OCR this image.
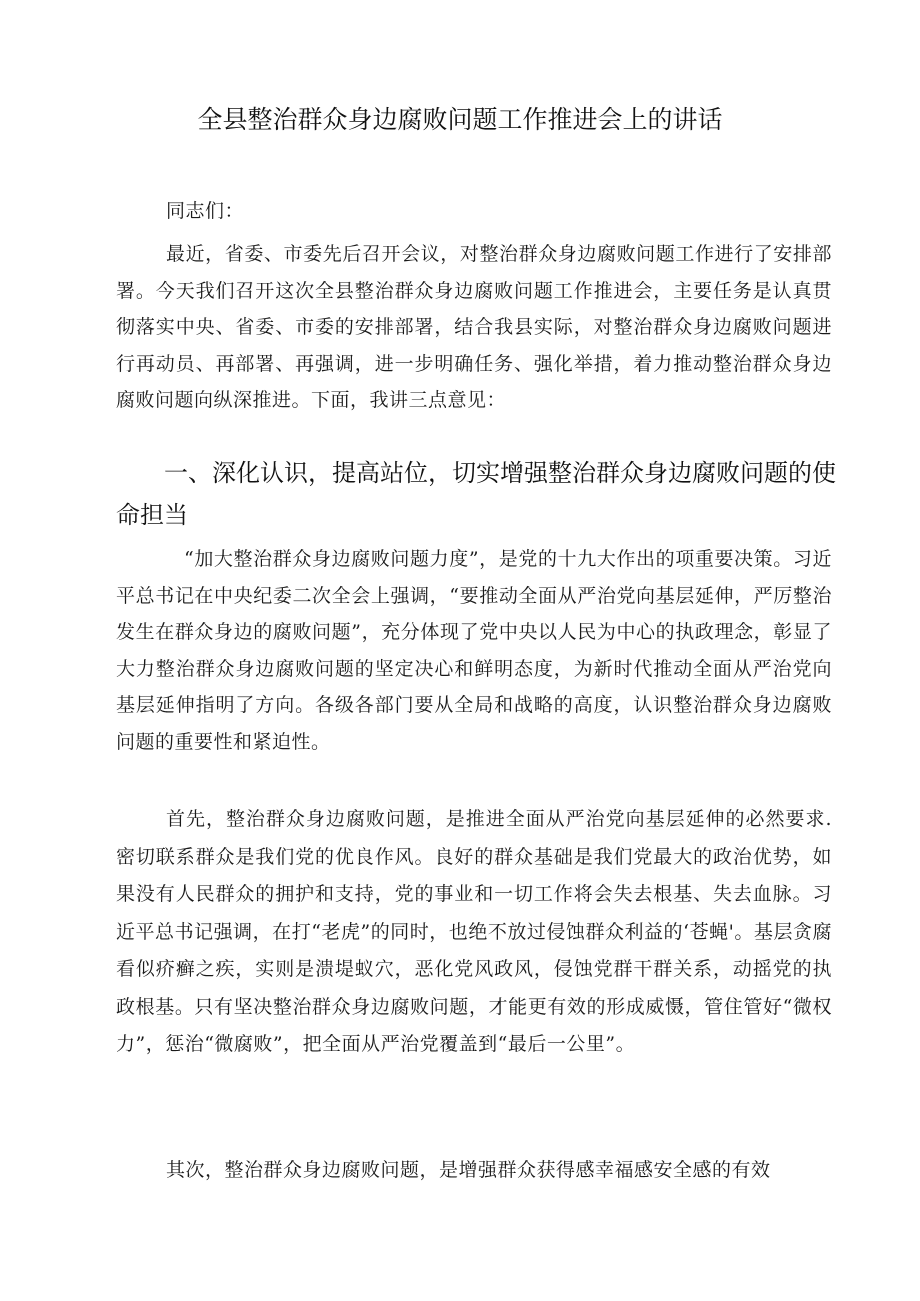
全县整治群众身边腐败问题工作推进会上的讲话

同志们：

最近，省委、市委先后召开会议，对整治群众身边腐败问题工作进行了安排部署。今天我们召开这次全县整治群众身边腐败问题工作推进会，主要任务是认真贯彻落实中央、省委、市委的安排部署，结合我县实际，对整治群众身边腐败问题进行再动员、再部署、再强调，进一步明确任务、强化举措，着力推动整治群众身边腐败问题向纵深推进。下面，我讲三点意见：

一、深化认识，提高站位，切实增强整治群众身边腐败问题的使命担当

“加大整治群众身边腐败问题力度”，是党的十九大作出的项重要决策。习近平总书记在中央纪委二次全会上强调，“要推动全面从严治党向基层延伸，严厉整治发生在群众身边的腐败问题”，充分体现了党中央以人民为中心的执政理念，彰显了大力整治群众身边腐败问题的坚定决心和鲜明态度，为新时代推动全面从严治党向基层延伸指明了方向。各级各部门要从全局和战略的高度，认识整治群众身边腐败问题的重要性和紧迫性。

首先，整治群众身边腐败问题，是推进全面从严治党向基层延伸的必然要求.密切联系群众是我们党的优良作风。良好的群众基础是我们党最大的政治优势，如果没有人民群众的拥护和支持，党的事业和一切工作将会失去根基、失去血脉。习近平总书记强调，在打“老虎”的同时，也绝不放过侵蚀群众利益的‘苍蝇'。基层贪腐看似疥癣之疾，实则是溃堤蚁穴，恶化党风政风，侵蚀党群干群关系，动摇党的执政根基。只有坚决整治群众身边腐败问题，才能更有效的形成威慑，管住管好“微权力”，惩治“微腐败”，把全面从严治党覆盖到“最后一公里”。

其次，整治群众身边腐败问题，是增强群众获得感幸福感安全感的有效
